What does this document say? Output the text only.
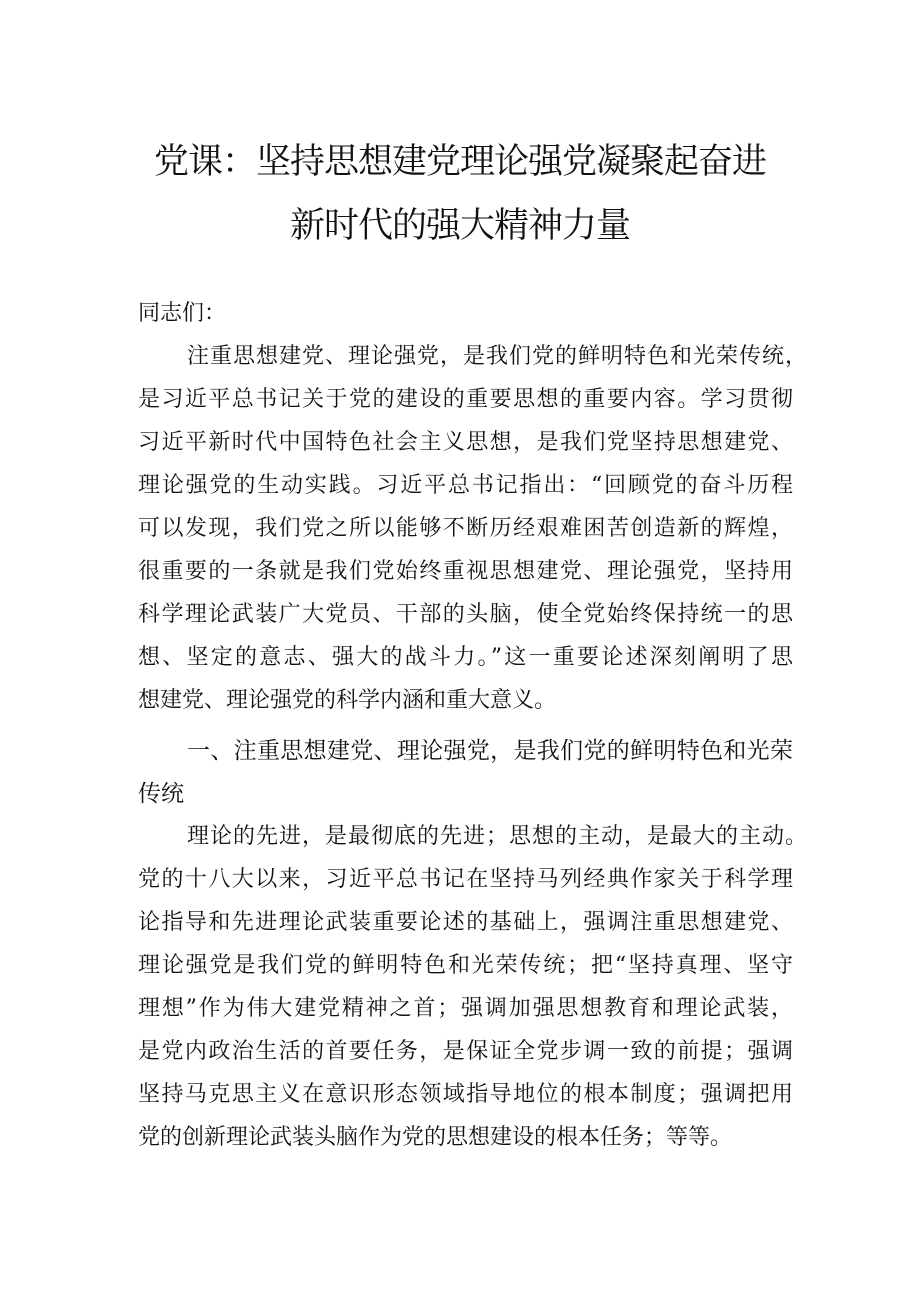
党课：坚持思想建党理论强党凝聚起奋进
新时代的强大精神力量
同志们：
注重思想建党、理论强党，是我们党的鲜明特色和光荣传统，
是习近平总书记关于党的建设的重要思想的重要内容。学习贯彻
习近平新时代中国特色社会主义思想，是我们党坚持思想建党、
理论强党的生动实践。习近平总书记指出：“回顾党的奋斗历程
可以发现，我们党之所以能够不断历经艰难困苦创造新的辉煌，
很重要的一条就是我们党始终重视思想建党、理论强党，坚持用
科学理论武装广大党员、干部的头脑，使全党始终保持统一的思
想、坚定的意志、强大的战斗力。”这一重要论述深刻阐明了思
想建党、理论强党的科学内涵和重大意义。
一、注重思想建党、理论强党，是我们党的鲜明特色和光荣
传统
理论的先进，是最彻底的先进；思想的主动，是最大的主动。
党的十八大以来，习近平总书记在坚持马列经典作家关于科学理
论指导和先进理论武装重要论述的基础上，强调注重思想建党、
理论强党是我们党的鲜明特色和光荣传统；把“坚持真理、坚守
理想”作为伟大建党精神之首；强调加强思想教育和理论武装，
是党内政治生活的首要任务，是保证全党步调一致的前提；强调
坚持马克思主义在意识形态领域指导地位的根本制度；强调把用
党的创新理论武装头脑作为党的思想建设的根本任务；等等。
